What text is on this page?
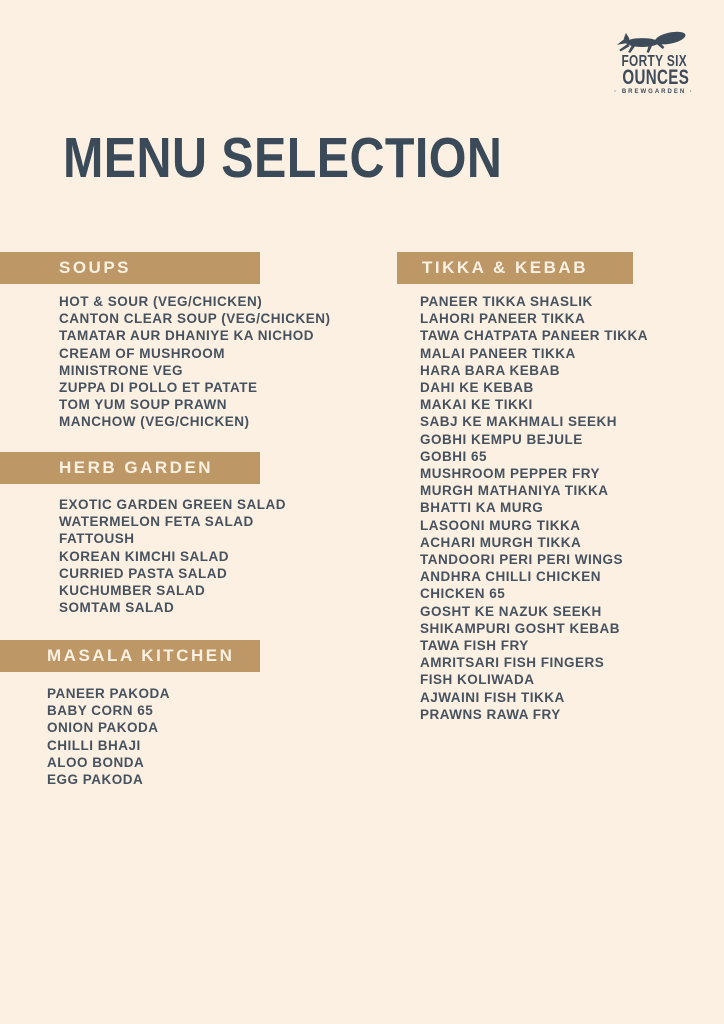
FORTY SIX
OUNCES
· BREWGARDEN ·
MENU SELECTION
SOUPS
HOT & SOUR (VEG/CHICKEN)
CANTON CLEAR SOUP (VEG/CHICKEN)
TAMATAR AUR DHANIYE KA NICHOD
CREAM OF MUSHROOM
MINISTRONE VEG
ZUPPA DI POLLO ET PATATE
TOM YUM SOUP PRAWN
MANCHOW (VEG/CHICKEN)
HERB GARDEN
EXOTIC GARDEN GREEN SALAD
WATERMELON FETA SALAD
FATTOUSH
KOREAN KIMCHI SALAD
CURRIED PASTA SALAD
KUCHUMBER SALAD
SOMTAM SALAD
MASALA KITCHEN
PANEER PAKODA
BABY CORN 65
ONION PAKODA
CHILLI BHAJI
ALOO BONDA
EGG PAKODA
TIKKA & KEBAB
PANEER TIKKA SHASLIK
LAHORI PANEER TIKKA
TAWA CHATPATA PANEER TIKKA
MALAI PANEER TIKKA
HARA BARA KEBAB
DAHI KE KEBAB
MAKAI KE TIKKI
SABJ KE MAKHMALI SEEKH
GOBHI KEMPU BEJULE
GOBHI 65
MUSHROOM PEPPER FRY
MURGH MATHANIYA TIKKA
BHATTI KA MURG
LASOONI MURG TIKKA
ACHARI MURGH TIKKA
TANDOORI PERI PERI WINGS
ANDHRA CHILLI CHICKEN
CHICKEN 65
GOSHT KE NAZUK SEEKH
SHIKAMPURI GOSHT KEBAB
TAWA FISH FRY
AMRITSARI FISH FINGERS
FISH KOLIWADA
AJWAINI FISH TIKKA
PRAWNS RAWA FRY
